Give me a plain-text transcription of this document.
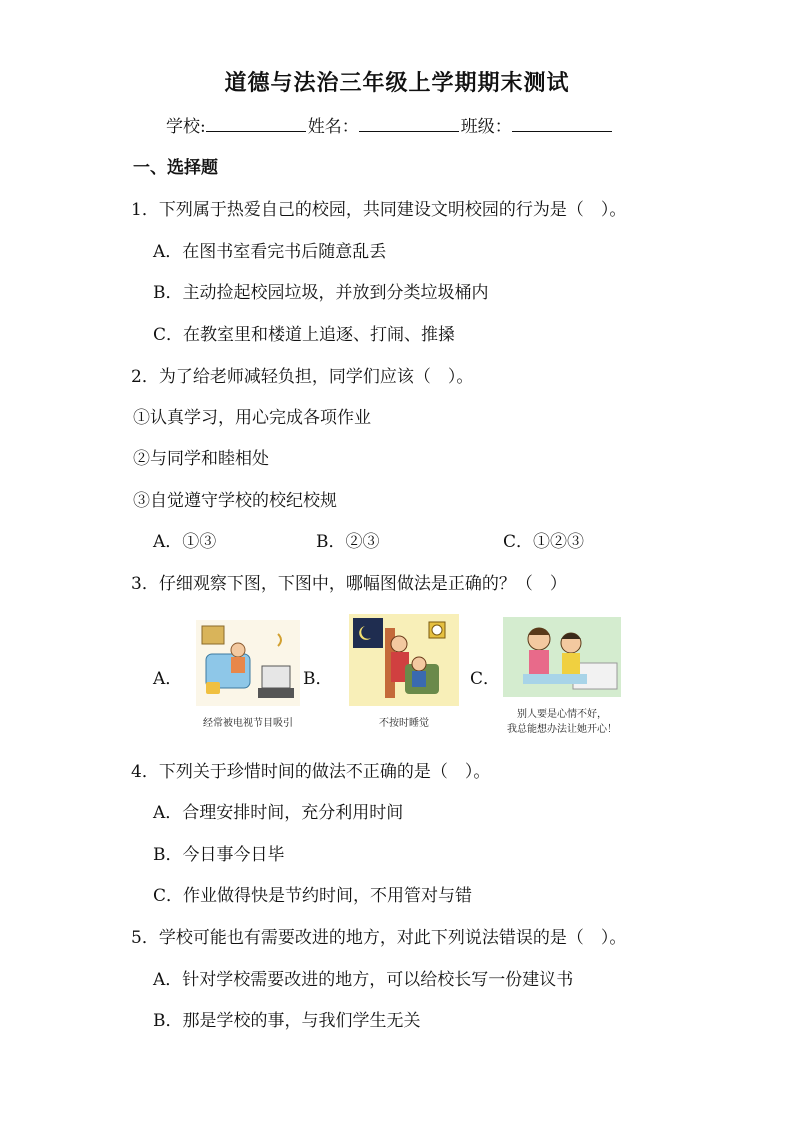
道德与法治三年级上学期期末测试
学校:	姓名：	班级：
一、选择题
1．下列属于热爱自己的校园，共同建设文明校园的行为是（　）。
A．在图书室看完书后随意乱丢
B．主动捡起校园垃圾，并放到分类垃圾桶内
C．在教室里和楼道上追逐、打闹、推搡
2．为了给老师减轻负担，同学们应该（　）。
①认真学习，用心完成各项作业
②与同学和睦相处
③自觉遵守学校的校纪校规
A．①③	B．②③	C．①②③
3．仔细观察下图，下图中，哪幅图做法是正确的？（　）
A．
经常被电视节目吸引
B．
不按时睡觉
C．
别人要是心情不好，
我总能想办法让她开心！
4．下列关于珍惜时间的做法不正确的是（　）。
A．合理安排时间，充分利用时间
B．今日事今日毕
C．作业做得快是节约时间，不用管对与错
5．学校可能也有需要改进的地方，对此下列说法错误的是（　）。
A．针对学校需要改进的地方，可以给校长写一份建议书
B．那是学校的事，与我们学生无关
